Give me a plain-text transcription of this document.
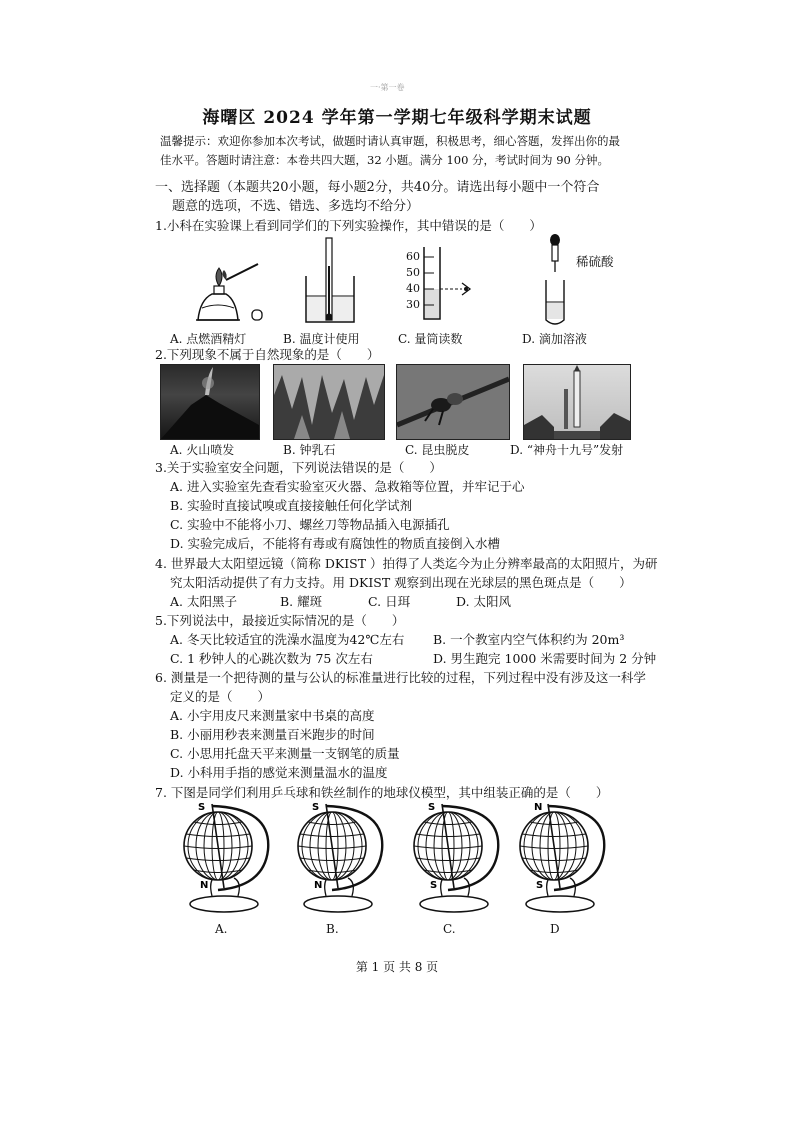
一·第一卷
海曙区 2024 学年第一学期七年级科学期末试题
温馨提示：欢迎你参加本次考试，做题时请认真审题，积极思考，细心答题，发挥出你的最
佳水平。答题时请注意：本卷共四大题，32 小题。满分 100 分，考试时间为 90 分钟。
一、选择题（本题共20小题，每小题2分，共40分。请选出每小题中一个符合
题意的选项，不选、错选、多选均不给分）
1.小科在实验课上看到同学们的下列实验操作，其中错误的是（　　）
60
50
40
30
稀硫酸
A. 点燃酒精灯	B. 温度计使用	C. 量筒读数	D. 滴加溶液
2.下列现象不属于自然现象的是（　　）
A. 火山喷发	B. 钟乳石	C. 昆虫脱皮	D. “神舟十九号”发射
3.关于实验室安全问题，下列说法错误的是（　　）
A. 进入实验室先查看实验室灭火器、急救箱等位置，并牢记于心
B. 实验时直接试嗅或直接接触任何化学试剂
C. 实验中不能将小刀、螺丝刀等物品插入电源插孔
D. 实验完成后，不能将有毒或有腐蚀性的物质直接倒入水槽
4. 世界最大太阳望远镜（简称 DKIST ）拍得了人类迄今为止分辨率最高的太阳照片，为研
究太阳活动提供了有力支持。用 DKIST 观察到出现在光球层的黑色斑点是（　　）
A. 太阳黑子	B. 耀斑	C. 日珥	D. 太阳风
5.下列说法中，最接近实际情况的是（　　）
A. 冬天比较适宜的洗澡水温度为42℃左右 B. 一个教室内空气体积约为 20m³
C. 1 秒钟人的心跳次数为 75 次左右	D. 男生跑完 1000 米需要时间为 2 分钟
6. 测量是一个把待测的量与公认的标准量进行比较的过程，下列过程中没有涉及这一科学
定义的是（　　）
A. 小宇用皮尺来测量家中书桌的高度
B. 小丽用秒表来测量百米跑步的时间
C. 小思用托盘天平来测量一支钢笔的质量
D. 小科用手指的感觉来测量温水的温度
7. 下图是同学们利用乒乓球和铁丝制作的地球仪模型，其中组装正确的是（　　）
S
N
S
N
S
S
N
S
A.	B.	C.	D
第 1 页 共 8 页
